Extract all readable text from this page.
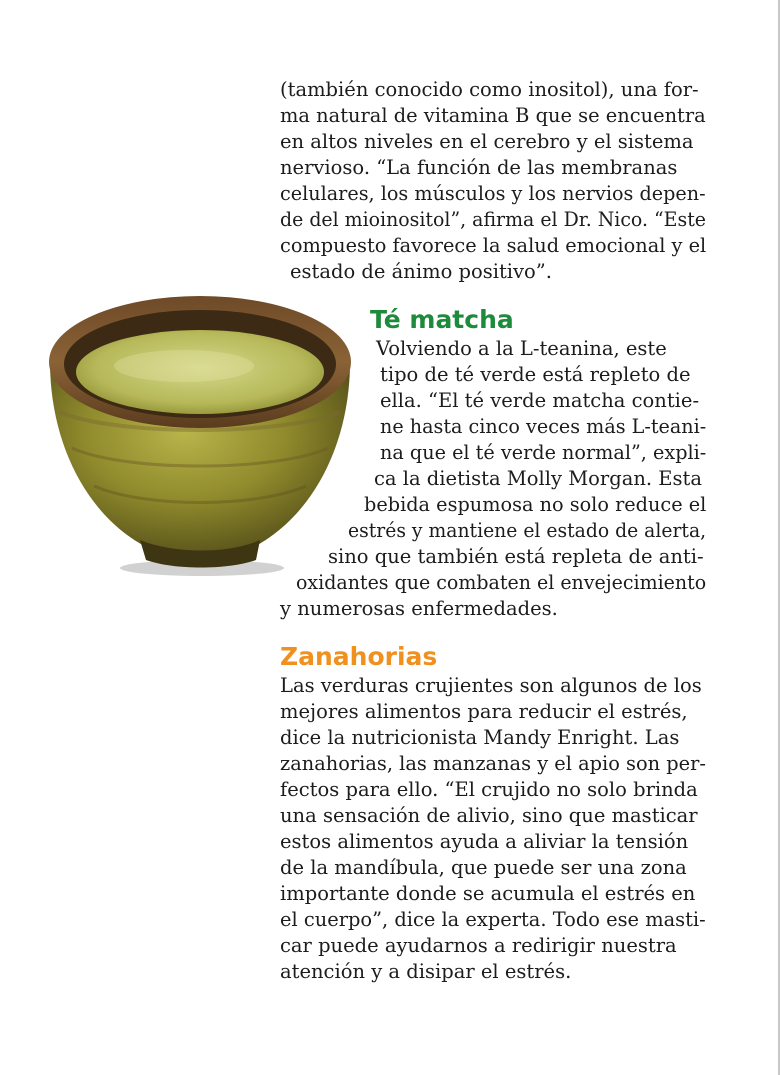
(también conocido como inositol), una for-
ma natural de vitamina B que se encuentra
en altos niveles en el cerebro y el sistema
nervioso. “La función de las membranas
celulares, los músculos y los nervios depen-
de del mioinositol”, afirma el Dr. Nico. “Este
compuesto favorece la salud emocional y el
estado de ánimo positivo”.
Té matcha
Volviendo a la L-teanina, este
tipo de té verde está repleto de
ella. “El té verde matcha contie-
ne hasta cinco veces más L-teani-
na que el té verde normal”, expli-
ca la dietista Molly Morgan. Esta
bebida espumosa no solo reduce el
estrés y mantiene el estado de alerta,
sino que también está repleta de anti-
oxidantes que combaten el envejecimiento
y numerosas enfermedades.
Zanahorias
Las verduras crujientes son algunos de los
mejores alimentos para reducir el estrés,
dice la nutricionista Mandy Enright. Las
zanahorias, las manzanas y el apio son per-
fectos para ello. “El crujido no solo brinda
una sensación de alivio, sino que masticar
estos alimentos ayuda a aliviar la tensión
de la mandíbula, que puede ser una zona
importante donde se acumula el estrés en
el cuerpo”, dice la experta. Todo ese masti-
car puede ayudarnos a redirigir nuestra
atención y a disipar el estrés.
